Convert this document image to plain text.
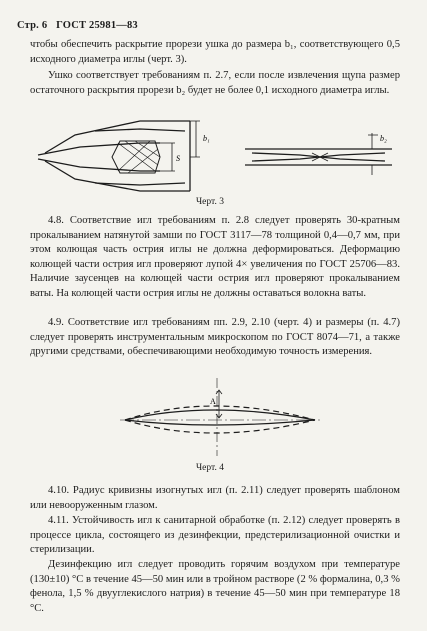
Стр. 6 ГОСТ 25981—83

чтобы обеспечить раскрытие прорези ушка до размера b₁, соответствующего 0,5 исходного диаметра иглы (черт. 3).

Ушко соответствует требованиям п. 2.7, если после извлечения щупа размер остаточного раскрытия прорези b₂ будет не более 0,1 исходного диаметра иглы.

b₁
S
b₂
Черт. 3

4.8. Соответствие игл требованиям п. 2.8 следует проверять 30-кратным прокалыванием натянутой замши по ГОСТ 3117—78 толщиной 0,4—0,7 мм, при этом колющая часть острия иглы не должна деформироваться. Деформацию колющей части острия игл проверяют лупой 4× увеличения по ГОСТ 25706—83. Наличие заусенцев на колющей части острия игл проверяют прокалыванием ваты. На колющей части острия иглы не должны оставаться волокна ваты.

4.9. Соответствие игл требованиям пп. 2.9, 2.10 (черт. 4) и размеры (п. 4.7) следует проверять инструментальным микроскопом по ГОСТ 8074—71, а также другими средствами, обеспечивающими необходимую точность измерения.

A
Черт. 4

4.10. Радиус кривизны изогнутых игл (п. 2.11) следует проверять шаблоном или невооруженным глазом.

4.11. Устойчивость игл к санитарной обработке (п. 2.12) следует проверять в процессе цикла, состоящего из дезинфекции, предстерилизационной очистки и стерилизации.

Дезинфекцию игл следует проводить горячим воздухом при температуре (130±10) °С в течение 45—50 мин или в тройном растворе (2 % формалина, 0,3 % фенола, 1,5 % двууглекислого натрия) в течение 45—50 мин при температуре 18 °С.
